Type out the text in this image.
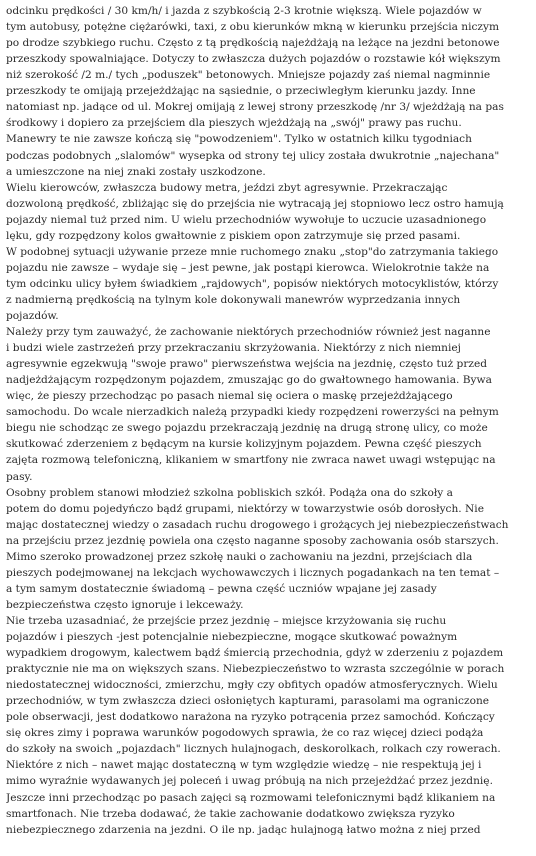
odcinku prędkości / 30 km/h/ i jazda z szybkością 2-3 krotnie większą. Wiele pojazdów w
tym autobusy, potężne ciężarówki, taxi, z obu kierunków mkną w kierunku przejścia niczym
po drodze szybkiego ruchu. Często z tą prędkością najeżdżają na leżące na jezdni betonowe
przeszkody spowalniające. Dotyczy to zwłaszcza dużych pojazdów o rozstawie kół większym
niż szerokość /2 m./ tych „poduszek" betonowych. Mniejsze pojazdy zaś niemal nagminnie
przeszkody te omijają przejeżdżając na sąsiednie, o przeciwległym kierunku jazdy. Inne
natomiast np. jadące od ul. Mokrej omijają z lewej strony przeszkodę /nr 3/ wjeżdżają na pas
środkowy i dopiero za przejściem dla pieszych wjeżdżają na „swój" prawy pas ruchu.
Manewry te nie zawsze kończą się "powodzeniem". Tylko w ostatnich kilku tygodniach
podczas podobnych „slalomów" wysepka od strony tej ulicy została dwukrotnie „najechana"
a umieszczone na niej znaki zostały uszkodzone.
Wielu kierowców, zwłaszcza budowy metra, jeździ zbyt agresywnie. Przekraczając
dozwoloną prędkość, zbliżając się do przejścia nie wytracają jej stopniowo lecz ostro hamują
pojazdy niemal tuż przed nim. U wielu przechodniów wywołuje to uczucie uzasadnionego
lęku, gdy rozpędzony kolos gwałtownie z piskiem opon zatrzymuje się przed pasami.
W podobnej sytuacji używanie przeze mnie ruchomego znaku „stop"do zatrzymania takiego
pojazdu nie zawsze – wydaje się – jest pewne, jak postąpi kierowca. Wielokrotnie także na
tym odcinku ulicy byłem świadkiem „rajdowych", popisów niektórych motocyklistów, którzy
z nadmierną prędkością na tylnym kole dokonywali manewrów wyprzedzania innych
pojazdów.
Należy przy tym zauważyć, że zachowanie niektórych przechodniów również jest naganne
i budzi wiele zastrzeżeń przy przekraczaniu skrzyżowania. Niektórzy z nich niemniej
agresywnie egzekwują "swoje prawo" pierwszeństwa wejścia na jezdnię, często tuż przed
nadjeżdżającym rozpędzonym pojazdem, zmuszając go do gwałtownego hamowania. Bywa
więc, że pieszy przechodząc po pasach niemal się ociera o maskę przejeżdżającego
samochodu. Do wcale nierzadkich należą przypadki kiedy rozpędzeni rowerzyści na pełnym
biegu nie schodząc ze swego pojazdu przekraczają jezdnię na drugą stronę ulicy, co może
skutkować zderzeniem z będącym na kursie kolizyjnym pojazdem. Pewna część pieszych
zajęta rozmową telefoniczną, klikaniem w smartfony nie zwraca nawet uwagi wstępując na
pasy.
Osobny problem stanowi młodzież szkolna pobliskich szkół. Podąża ona do szkoły a
potem do domu pojedyńczo bądź grupami, niektórzy w towarzystwie osób dorosłych. Nie
mając dostatecznej wiedzy o zasadach ruchu drogowego i grożących jej niebezpieczeństwach
na przejściu przez jezdnię powiela ona często naganne sposoby zachowania osób starszych.
Mimo szeroko prowadzonej przez szkołę nauki o zachowaniu na jezdni, przejściach dla
pieszych podejmowanej na lekcjach wychowawczych i licznych pogadankach na ten temat –
a tym samym dostatecznie świadomą – pewna część uczniów wpajane jej zasady
bezpieczeństwa często ignoruje i lekceważy.
Nie trzeba uzasadniać, że przejście przez jezdnię – miejsce krzyżowania się ruchu
pojazdów i pieszych -jest potencjalnie niebezpieczne, mogące skutkować poważnym
wypadkiem drogowym, kalectwem bądź śmiercią przechodnia, gdyż w zderzeniu z pojazdem
praktycznie nie ma on większych szans. Niebezpieczeństwo to wzrasta szczególnie w porach
niedostatecznej widoczności, zmierzchu, mgły czy obfitych opadów atmosferycznych. Wielu
przechodniów, w tym zwłaszcza dzieci osłoniętych kapturami, parasolami ma ograniczone
pole obserwacji, jest dodatkowo narażona na ryzyko potrącenia przez samochód. Kończący
się okres zimy i poprawa warunków pogodowych sprawia, że co raz więcej dzieci podąża
do szkoły na swoich „pojazdach" licznych hulajnogach, deskorolkach, rolkach czy rowerach.
Niektóre z nich – nawet mając dostateczną w tym względzie wiedzę – nie respektują jej i
mimo wyraźnie wydawanych jej poleceń i uwag próbują na nich przejeżdżać przez jezdnię.
Jeszcze inni przechodząc po pasach zajęci są rozmowami telefonicznymi bądź klikaniem na
smartfonach. Nie trzeba dodawać, że takie zachowanie dodatkowo zwiększa ryzyko
niebezpiecznego zdarzenia na jezdni. O ile np. jadąc hulajnogą łatwo można z niej przed
